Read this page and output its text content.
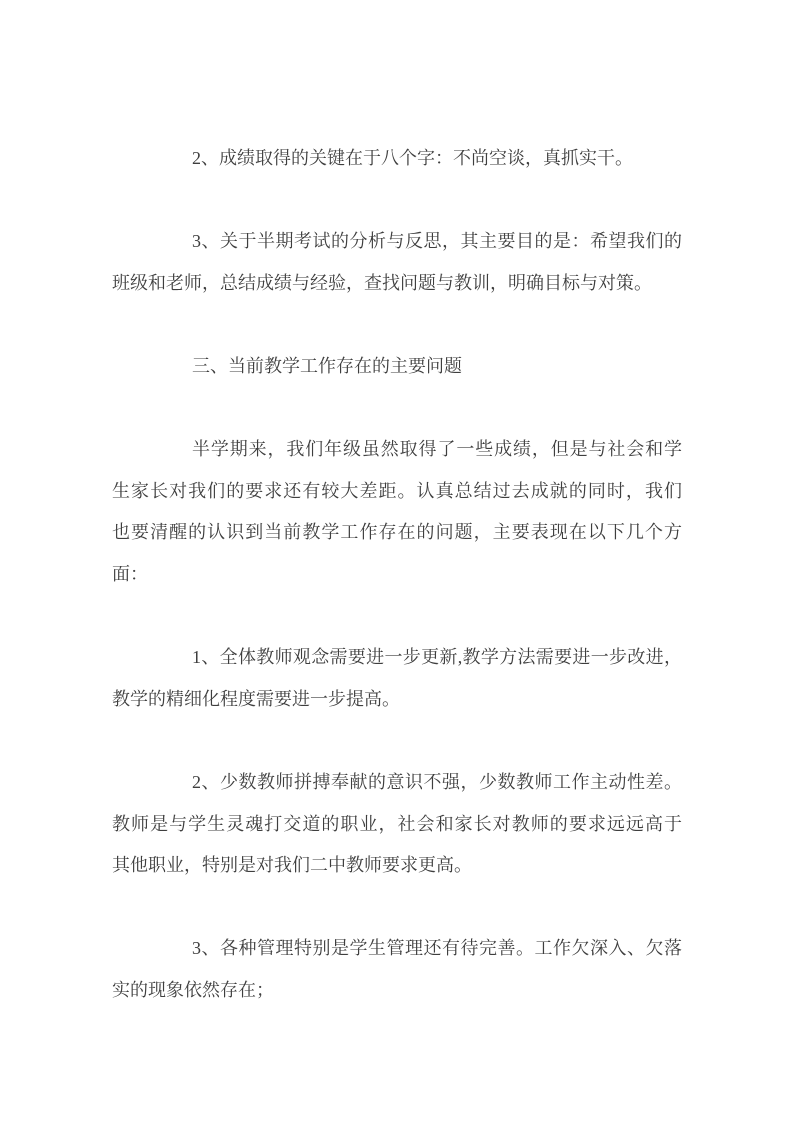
2、成绩取得的关键在于八个字：不尚空谈，真抓实干。

3、关于半期考试的分析与反思，其主要目的是：希望我们的
班级和老师，总结成绩与经验，查找问题与教训，明确目标与对策。

三、当前教学工作存在的主要问题

半学期来，我们年级虽然取得了一些成绩，但是与社会和学
生家长对我们的要求还有较大差距。认真总结过去成就的同时，我们
也要清醒的认识到当前教学工作存在的问题，主要表现在以下几个方
面：

1、全体教师观念需要进一步更新,教学方法需要进一步改进，
教学的精细化程度需要进一步提高。

2、少数教师拼搏奉献的意识不强，少数教师工作主动性差。
教师是与学生灵魂打交道的职业，社会和家长对教师的要求远远高于
其他职业，特别是对我们二中教师要求更高。

3、各种管理特别是学生管理还有待完善。工作欠深入、欠落
实的现象依然存在；
